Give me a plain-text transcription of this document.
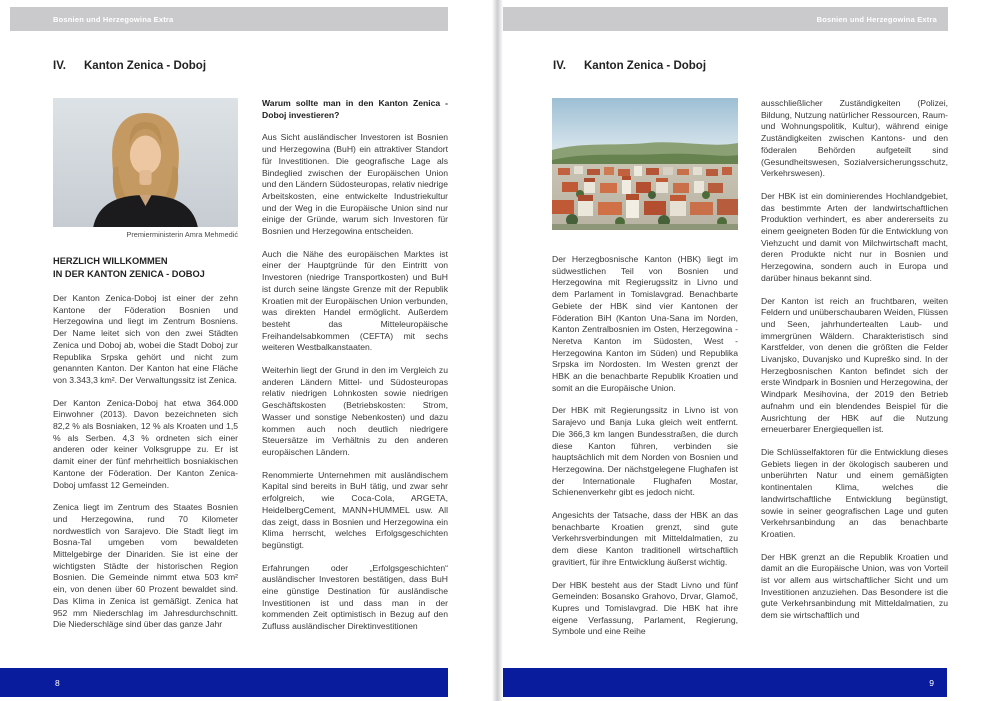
Bosnien und Herzegowina Extra
IV. Kanton Zenica - Doboj
Premierministerin Amra Mehmedić
HERZLICH WILLKOMMEN
IN DER KANTON ZENICA - DOBOJ

Der Kanton Zenica-Doboj ist einer der zehn Kantone der Föderation Bosnien und Herzegowina und liegt im Zentrum Bosniens. Der Name leitet sich von den zwei Städten Zenica und Doboj ab, wobei die Stadt Doboj zur Republika Srpska gehört und nicht zum genannten Kanton. Der Kanton hat eine Fläche von 3.343,3 km². Der Verwaltungssitz ist Zenica.

Der Kanton Zenica-Doboj hat etwa 364.000 Einwohner (2013). Davon bezeichneten sich 82,2 % als Bosniaken, 12 % als Kroaten und 1,5 % als Serben. 4,3 % ordneten sich einer anderen oder keiner Volksgruppe zu. Er ist damit einer der fünf mehrheitlich bosniakischen Kantone der Föderation. Der Kanton Zenica-Doboj umfasst 12 Gemeinden.

Zenica liegt im Zentrum des Staates Bosnien und Herzegowina, rund 70 Kilometer nordwestlich von Sarajevo. Die Stadt liegt im Bosna-Tal umgeben vom bewaldeten Mittelgebirge der Dinariden. Sie ist eine der wichtigsten Städte der historischen Region Bosnien. Die Gemeinde nimmt etwa 503 km² ein, von denen über 60 Prozent bewaldet sind. Das Klima in Zenica ist gemäßigt. Zenica hat 952 mm Niederschlag im Jahresdurchschnitt. Die Niederschläge sind über das ganze Jahr

Warum sollte man in den Kanton Zenica - Doboj investieren?

Aus Sicht ausländischer Investoren ist Bosnien und Herzegowina (BuH) ein attraktiver Standort für Investitionen. Die geografische Lage als Bindeglied zwischen der Europäischen Union und den Ländern Südosteuropas, relativ niedrige Arbeitskosten, eine entwickelte Industriekultur und der Weg in die Europäische Union sind nur einige der Gründe, warum sich Investoren für Bosnien und Herzegowina entscheiden.

Auch die Nähe des europäischen Marktes ist einer der Hauptgründe für den Eintritt von Investoren (niedrige Transportkosten) und BuH ist durch seine längste Grenze mit der Republik Kroatien mit der Europäischen Union verbunden, was direkten Handel ermöglicht. Außerdem besteht das Mitteleuropäische Freihandelsabkommen (CEFTA) mit sechs weiteren Westbalkanstaaten.

Weiterhin liegt der Grund in den im Vergleich zu anderen Ländern Mittel- und Südosteuropas relativ niedrigen Lohnkosten sowie niedrigen Geschäftskosten (Betriebskosten: Strom, Wasser und sonstige Nebenkosten) und dazu kommen auch noch deutlich niedrigere Steuersätze im Verhältnis zu den anderen europäischen Ländern.

Renommierte Unternehmen mit ausländischem Kapital sind bereits in BuH tätig, und zwar sehr erfolgreich, wie Coca-Cola, ARGETA, HeidelbergCement, MANN+HUMMEL usw. All das zeigt, dass in Bosnien und Herzegowina ein Klima herrscht, welches Erfolgsgeschichten begünstigt.

Erfahrungen oder „Erfolgsgeschichten“ ausländischer Investoren bestätigen, dass BuH eine günstige Destination für ausländische Investitionen ist und dass man in der kommenden Zeit optimistisch in Bezug auf den Zufluss ausländischer Direktinvestitionen

8
Bosnien und Herzegowina Extra
IV. Kanton Zenica - Doboj

Der Herzegbosnische Kanton (HBK) liegt im südwestlichen Teil von Bosnien und Herzegowina mit Regierugssitz in Livno und dem Parlament in Tomislavgrad. Benachbarte Gebiete der HBK sind vier Kantonen der Föderation BiH (Kanton Una-Sana im Norden, Kanton Zentralbosnien im Osten, Herzegowina -Neretva Kanton im Südosten, West -Herzegowina Kanton im Süden) und Republika Srpska im Nordosten. Im Westen grenzt der HBK an die benachbarte Republik Kroatien und somit an die Europäische Union.

Der HBK mit Regierungssitz in Livno ist von Sarajevo und Banja Luka gleich weit entfernt. Die 366,3 km langen Bundesstraßen, die durch diese Kanton führen, verbinden sie hauptsächlich mit dem Norden von Bosnien und Herzegowina. Der nächstgelegene Flughafen ist der Internationale Flughafen Mostar, Schienenverkehr gibt es jedoch nicht.

Angesichts der Tatsache, dass der HBK an das benachbarte Kroatien grenzt, sind gute Verkehrsverbindungen mit Mitteldalmatien, zu dem diese Kanton traditionell wirtschaftlich gravitiert, für ihre Entwicklung äußerst wichtig.

Der HBK besteht aus der Stadt Livno und fünf Gemeinden: Bosansko Grahovo, Drvar, Glamoč, Kupres und Tomislavgrad. Die HBK hat ihre eigene Verfassung, Parlament, Regierung, Symbole und eine Reihe

ausschließlicher Zuständigkeiten (Polizei, Bildung, Nutzung natürlicher Ressourcen, Raum- und Wohnungspolitik, Kultur), während einige Zuständigkeiten zwischen Kantons- und den föderalen Behörden aufgeteilt sind (Gesundheitswesen, Sozialversicherungsschutz, Verkehrswesen).

Der HBK ist ein dominierendes Hochlandgebiet, das bestimmte Arten der landwirtschaftlichen Produktion verhindert, es aber andererseits zu einem geeigneten Boden für die Entwicklung von Viehzucht und damit von Milchwirtschaft macht, deren Produkte nicht nur in Bosnien und Herzegowina, sondern auch in Europa und darüber hinaus bekannt sind.

Der Kanton ist reich an fruchtbaren, weiten Feldern und unüberschaubaren Weiden, Flüssen und Seen, jahrhundertealten Laub- und immergrünen Wäldern. Charakteristisch sind Karstfelder, von denen die größten die Felder Livanjsko, Duvanjsko und Kupreško sind. In der Herzegbosnischen Kanton befindet sich der erste Windpark in Bosnien und Herzegowina, der Windpark Mesihovina, der 2019 den Betrieb aufnahm und ein blendendes Beispiel für die Ausrichtung der HBK auf die Nutzung erneuerbarer Energiequellen ist.

Die Schlüsselfaktoren für die Entwicklung dieses Gebiets liegen in der ökologisch sauberen und unberührten Natur und einem gemäßigten kontinentalen Klima, welches die landwirtschaftliche Entwicklung begünstigt, sowie in seiner geografischen Lage und guten Verkehrsanbindung an das benachbarte Kroatien.

Der HBK grenzt an die Republik Kroatien und damit an die Europäische Union, was von Vorteil ist vor allem aus wirtschaftlicher Sicht und um Investitionen anzuziehen. Das Besondere ist die gute Verkehrsanbindung mit Mitteldalmatien, zu dem sie wirtschaftlich und

9
